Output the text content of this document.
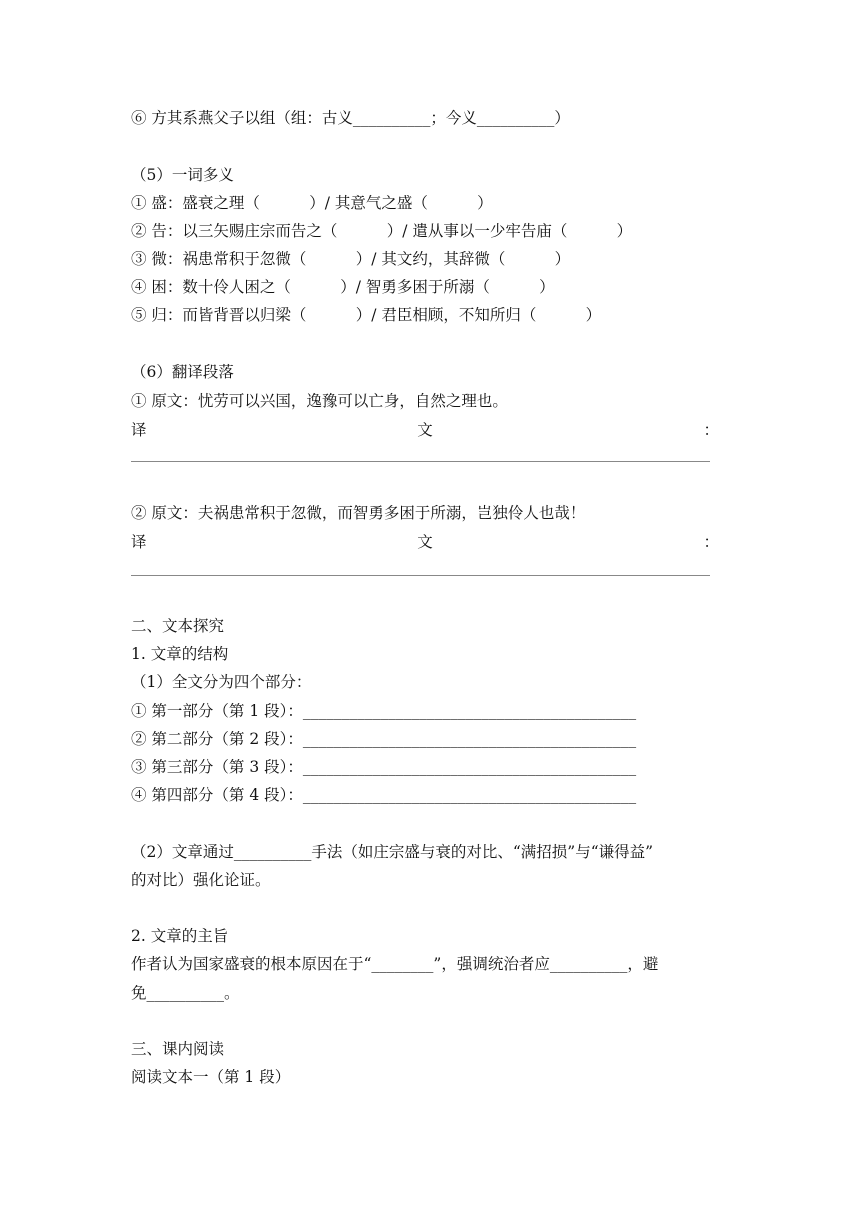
⑥ 方其系燕父子以组（组：古义__________；今义__________）
（5）一词多义
① 盛：盛衰之理（          ）/ 其意气之盛（          ）
② 告：以三矢赐庄宗而告之（          ）/ 遣从事以一少牢告庙（          ）
③ 微：祸患常积于忽微（          ）/ 其文约，其辞微（          ）
④ 困：数十伶人困之（          ）/ 智勇多困于所溺（          ）
⑤ 归：而皆背晋以归梁（          ）/ 君臣相顾，不知所归（          ）
（6）翻译段落
① 原文：忧劳可以兴国，逸豫可以亡身，自然之理也。
译	文	：
② 原文：夫祸患常积于忽微，而智勇多困于所溺，岂独伶人也哉！
译	文	：
二、文本探究
1. 文章的结构
（1）全文分为四个部分：
① 第一部分（第 1 段）：___________________________________________
② 第二部分（第 2 段）：___________________________________________
③ 第三部分（第 3 段）：___________________________________________
④ 第四部分（第 4 段）：___________________________________________
（2）文章通过__________手法（如庄宗盛与衰的对比、“满招损”与“谦得益”
的对比）强化论证。
2. 文章的主旨
作者认为国家盛衰的根本原因在于“________”，强调统治者应__________，避
免__________。
三、课内阅读
阅读文本一（第 1 段）
